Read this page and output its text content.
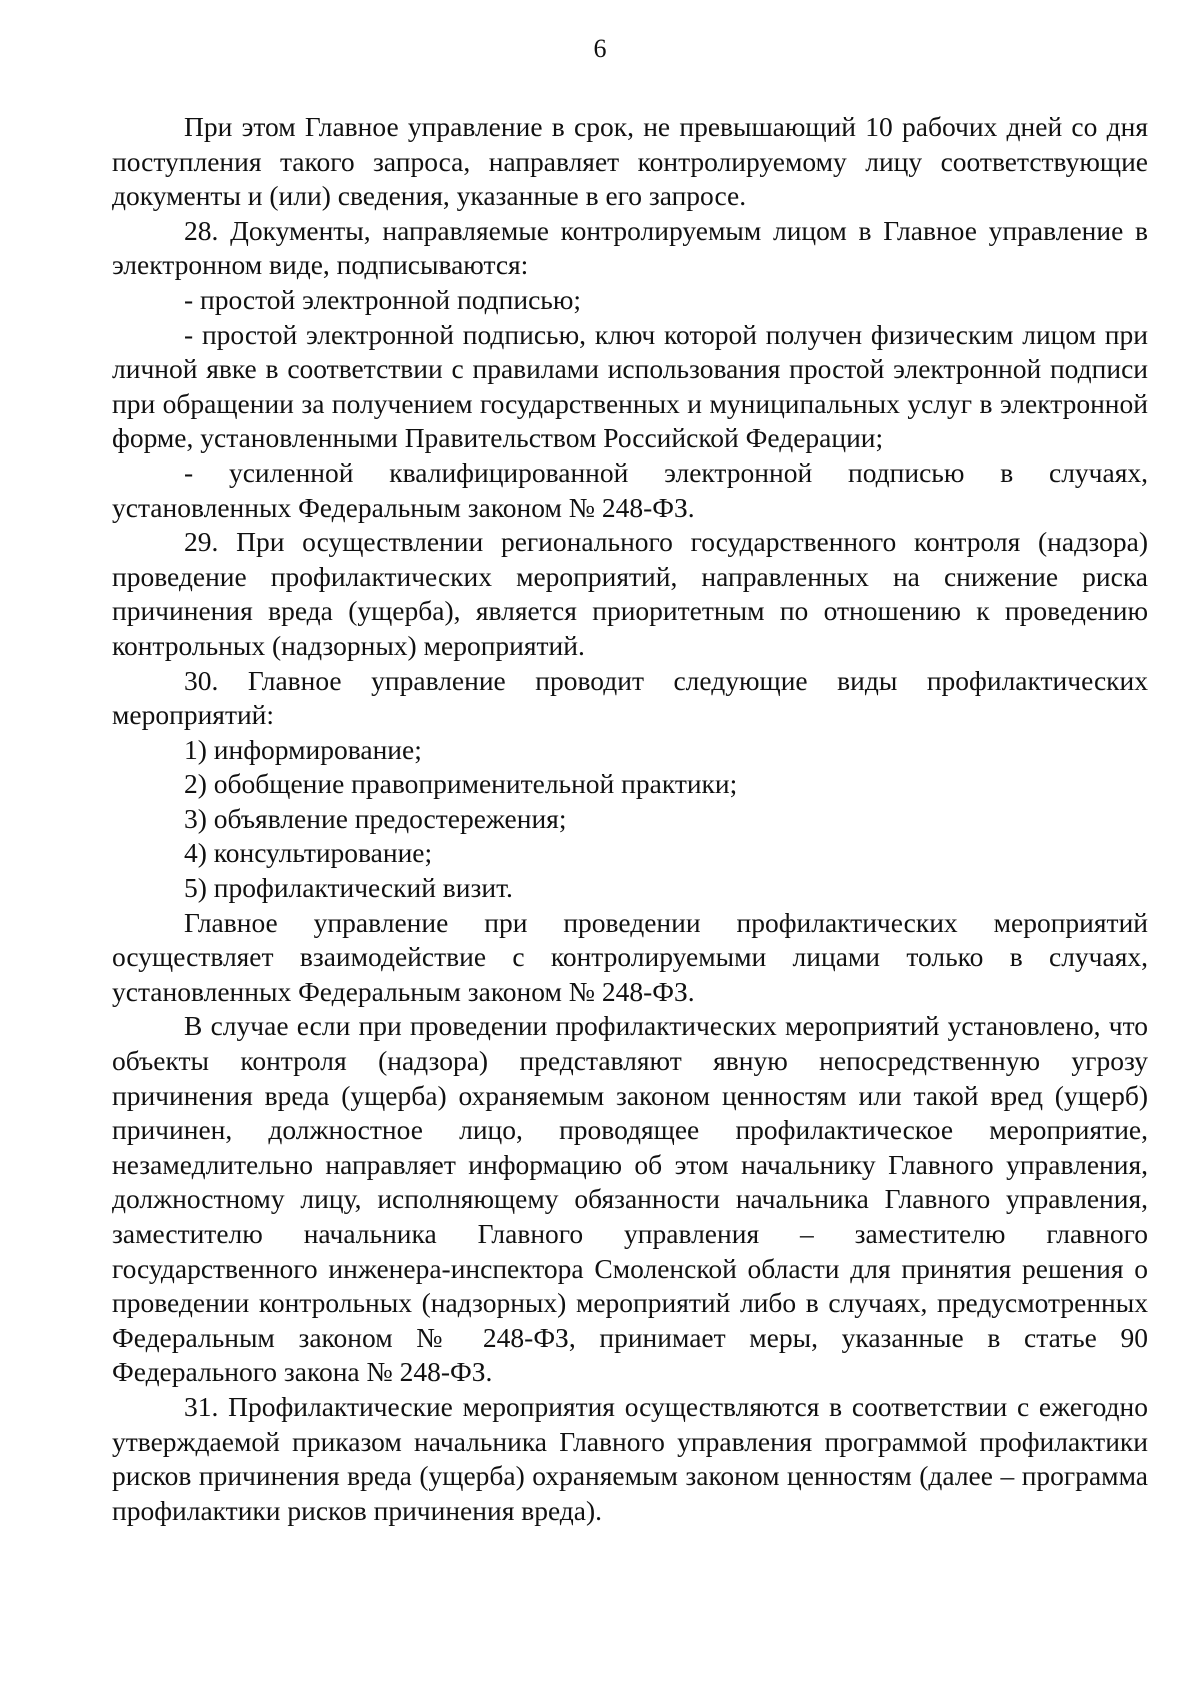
6

При этом Главное управление в срок, не превышающий 10 рабочих дней со дня поступления такого запроса, направляет контролируемому лицу соответствующие документы и (или) сведения, указанные в его запросе.

28. Документы, направляемые контролируемым лицом в Главное управление в электронном виде, подписываются:

- простой электронной подписью;

- простой электронной подписью, ключ которой получен физическим лицом при личной явке в соответствии с правилами использования простой электронной подписи при обращении за получением государственных и муниципальных услуг в электронной форме, установленными Правительством Российской Федерации;

- усиленной квалифицированной электронной подписью в случаях, установленных Федеральным законом № 248-ФЗ.

29. При осуществлении регионального государственного контроля (надзора) проведение профилактических мероприятий, направленных на снижение риска причинения вреда (ущерба), является приоритетным по отношению к проведению контрольных (надзорных) мероприятий.

30. Главное управление проводит следующие виды профилактических мероприятий:

1) информирование;

2) обобщение правоприменительной практики;

3) объявление предостережения;

4) консультирование;

5) профилактический визит.

Главное управление при проведении профилактических мероприятий осуществляет взаимодействие с контролируемыми лицами только в случаях, установленных Федеральным законом № 248-ФЗ.

В случае если при проведении профилактических мероприятий установлено, что объекты контроля (надзора) представляют явную непосредственную угрозу причинения вреда (ущерба) охраняемым законом ценностям или такой вред (ущерб) причинен, должностное лицо, проводящее профилактическое мероприятие, незамедлительно направляет информацию об этом начальнику Главного управления, должностному лицу, исполняющему обязанности начальника Главного управления, заместителю начальника Главного управления – заместителю главного государственного инженера-инспектора Смоленской области для принятия решения о проведении контрольных (надзорных) мероприятий либо в случаях, предусмотренных Федеральным законом № 248-ФЗ, принимает меры, указанные в статье 90 Федерального закона № 248-ФЗ.

31. Профилактические мероприятия осуществляются в соответствии с ежегодно утверждаемой приказом начальника Главного управления программой профилактики рисков причинения вреда (ущерба) охраняемым законом ценностям (далее – программа профилактики рисков причинения вреда).
